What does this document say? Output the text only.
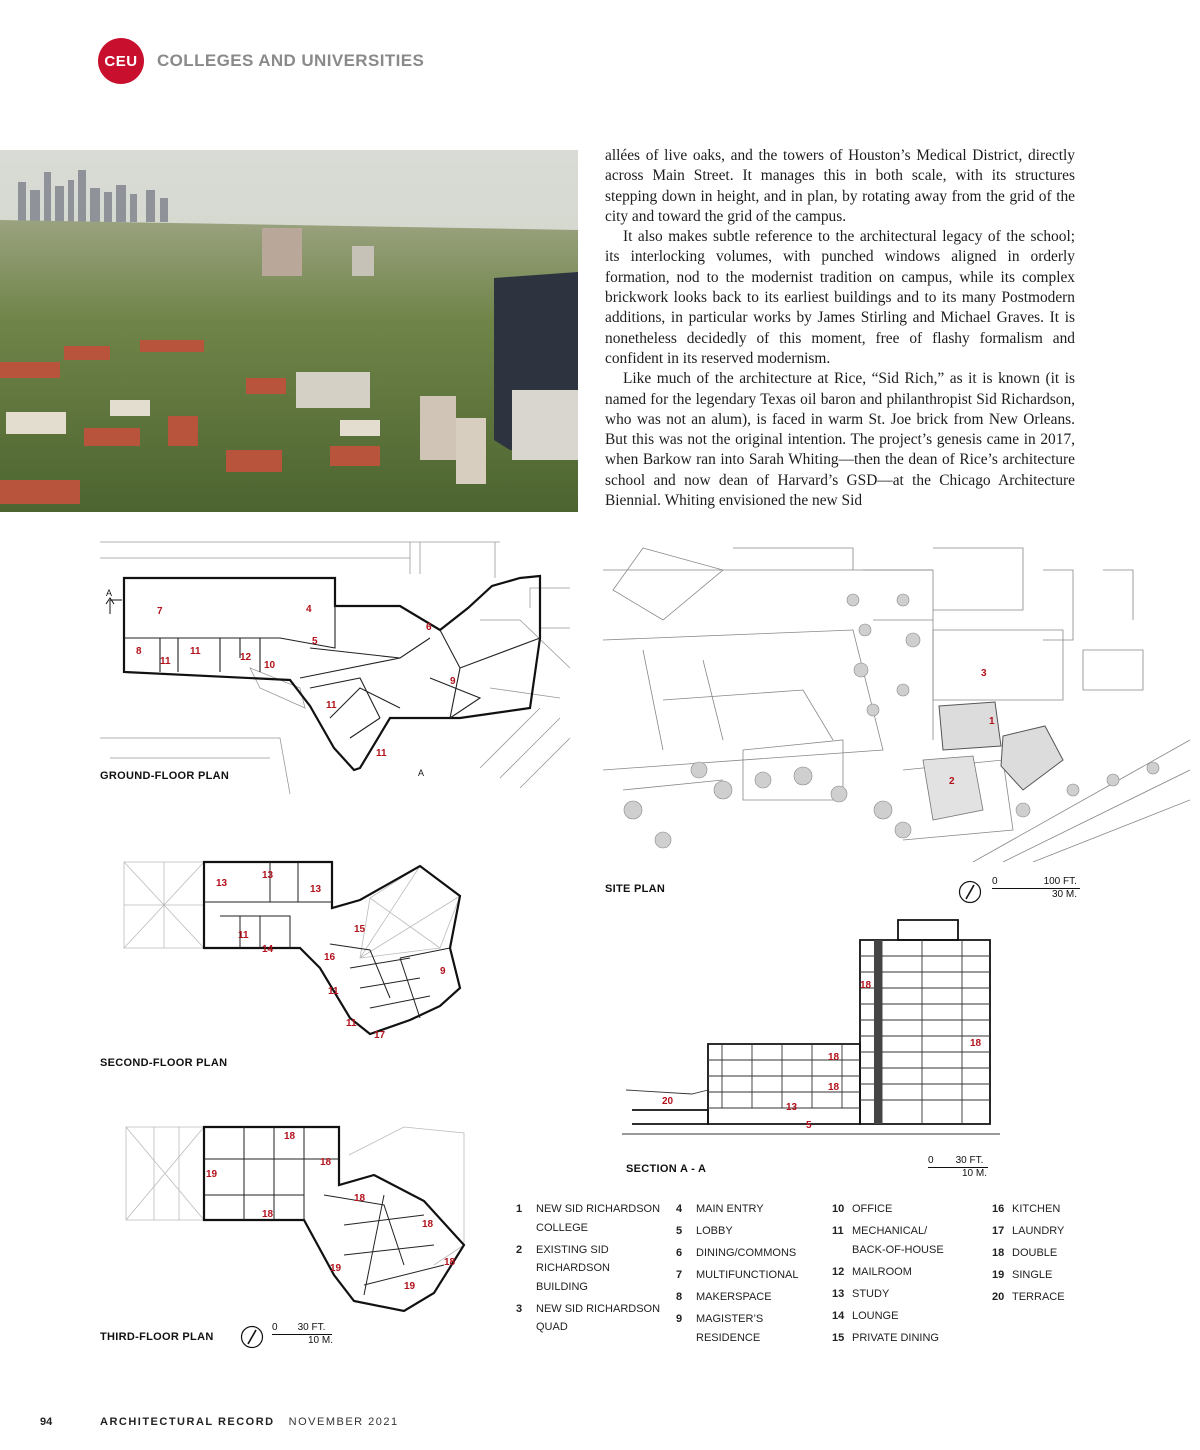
CEU	COLLEGES AND UNIVERSITIES

allées of live oaks, and the towers of Houston’s Medical District, directly across Main Street. It manages this in both scale, with its structures stepping down in height, and in plan, by rotating away from the grid of the city and toward the grid of the campus.

It also makes subtle reference to the architectural legacy of the school; its interlocking volumes, with punched windows aligned in orderly formation, nod to the modernist tradition on campus, while its complex brickwork looks back to its earliest buildings and to its many Postmodern additions, in particular works by James Stirling and Michael Graves. It is nonetheless decidedly of this moment, free of flashy formalism and confident in its reserved modernism.

Like much of the architecture at Rice, “Sid Rich,” as it is known (it is named for the legendary Texas oil baron and philanthropist Sid Richardson, who was not an alum), is faced in warm St. Joe brick from New Orleans. But this was not the original intention. The project’s genesis came in 2017, when Barkow ran into Sarah Whiting—then the dean of Rice’s architecture school and now dean of Harvard’s GSD—at the Chicago Architecture Biennial. Whiting envisioned the new Sid

A
A
7	4
6
5
8	11
11	12
10
9
11
11
GROUND-FLOOR PLAN
13
13
13
15
11
14
16
9
11
11
17
SECOND-FLOOR PLAN
18
18
19
18
18
18
19
18
19
THIRD-FLOOR PLAN
0 30 FT.
10 M.
3
1
2
SITE PLAN
0	100 FT.
30 M.
18
18
18
18
20
13
5
SECTION A - A
0 30 FT.
10 M.
1	NEW SID RICHARDSON COLLEGE
2	EXISTING SID RICHARDSON BUILDING
3	NEW SID RICHARDSON QUAD
4	MAIN ENTRY
5	LOBBY
6	DINING/COMMONS
7	MULTIFUNCTIONAL
8	MAKERSPACE
9	MAGISTER’S RESIDENCE
10 OFFICE
11 MECHANICAL/ BACK-OF-HOUSE
12 MAILROOM
13 STUDY
14 LOUNGE
15 PRIVATE DINING
16 KITCHEN
17 LAUNDRY
18 DOUBLE
19 SINGLE
20 TERRACE
94	ARCHITECTURAL RECORD NOVEMBER 2021
